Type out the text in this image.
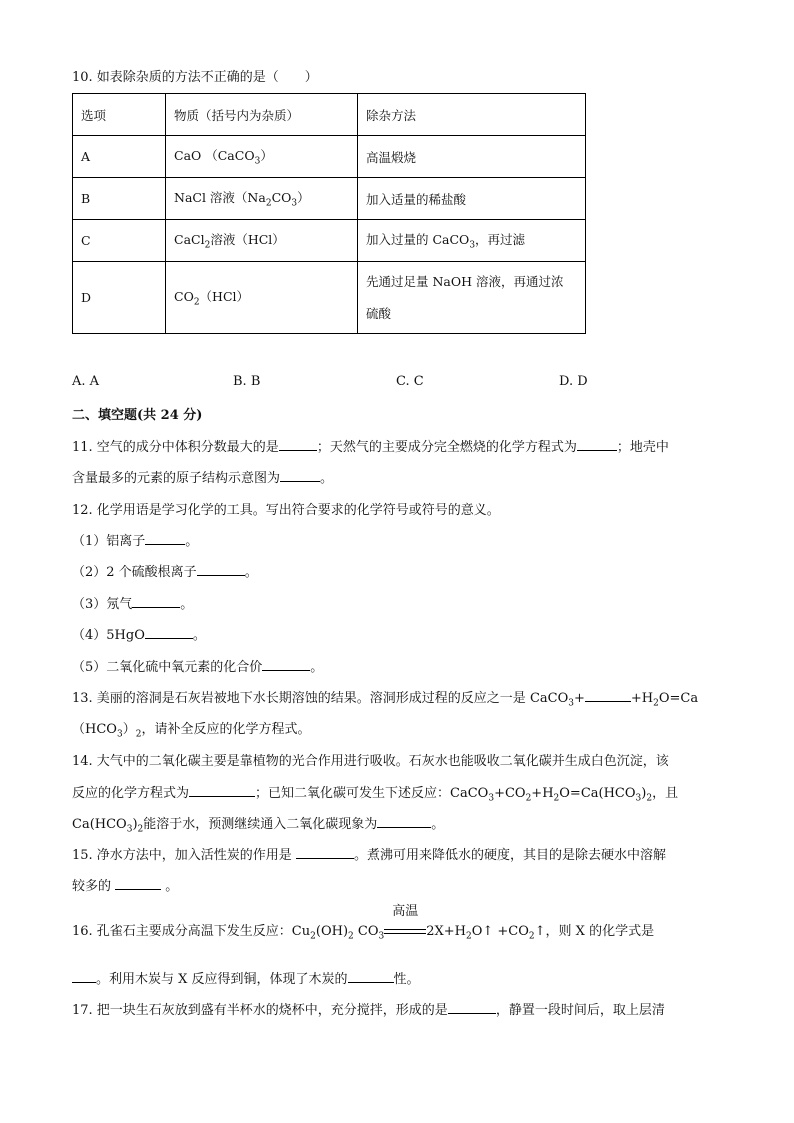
10. 如表除杂质的方法不正确的是（　　）
选项	物质（括号内为杂质）	除杂方法
A	CaO （CaCO$_3$）	高温煅烧
B	NaCl 溶液$(Na_2CO_3)$	加入适量的稀盐酸
C	CaCl$_2$溶液（HCl）	加入过量的 CaCO$_3$，再过滤
D	$CO_2(HCl)$	先通过足量 NaOH 溶液，再通过浓
硫酸
A. A	B. B	C. C	D. D
二、填空题(共 24 分)
11. 空气的成分中体积分数最大的是	；天然气的主要成分完全燃烧的化学方程式为	；地壳中
含量最多的元素的原子结构示意图为	。
12. 化学用语是学习化学的工具。写出符合要求的化学符号或符号的意义。
（1）铝离子	。
（2）2 个硫酸根离子	。
（3）氖气	。
（4）5HgO	。
（5）二氧化硫中氧元素的化合价	。
13. 美丽的溶洞是石灰岩被地下水长期溶蚀的结果。溶洞形成过程的反应之一是 CaCO$_3$+	$+H_2O=Ca$
$(HCO_3)_2$，请补全反应的化学方程式。
14. 大气中的二氧化碳主要是靠植物的光合作用进行吸收。石灰水也能吸收二氧化碳并生成白色沉淀，该
反应的化学方程式为	；已知二氧化碳可发生下述反应：$CaCO_3+CO_2+H_2O=Ca(HCO_3)_2$，且
$Ca(HCO_3)_2$能溶于水，预测继续通入二氧化碳现象为	。
15. 净水方法中，加入活性炭的作用是	。煮沸可用来降低水的硬度，其目的是除去硬水中溶解
较多的	。
16. 孔雀石主要成分高温下发生反应：$Cu_2(OH)_2$ $CO_3$
高温
$2X+H_2O↑$ $+CO_2↑$，则 X 的化学式是
。利用木炭与 X 反应得到铜，体现了木炭的	性。
17. 把一块生石灰放到盛有半杯水的烧杯中，充分搅拌，形成的是	，静置一段时间后，取上层清
